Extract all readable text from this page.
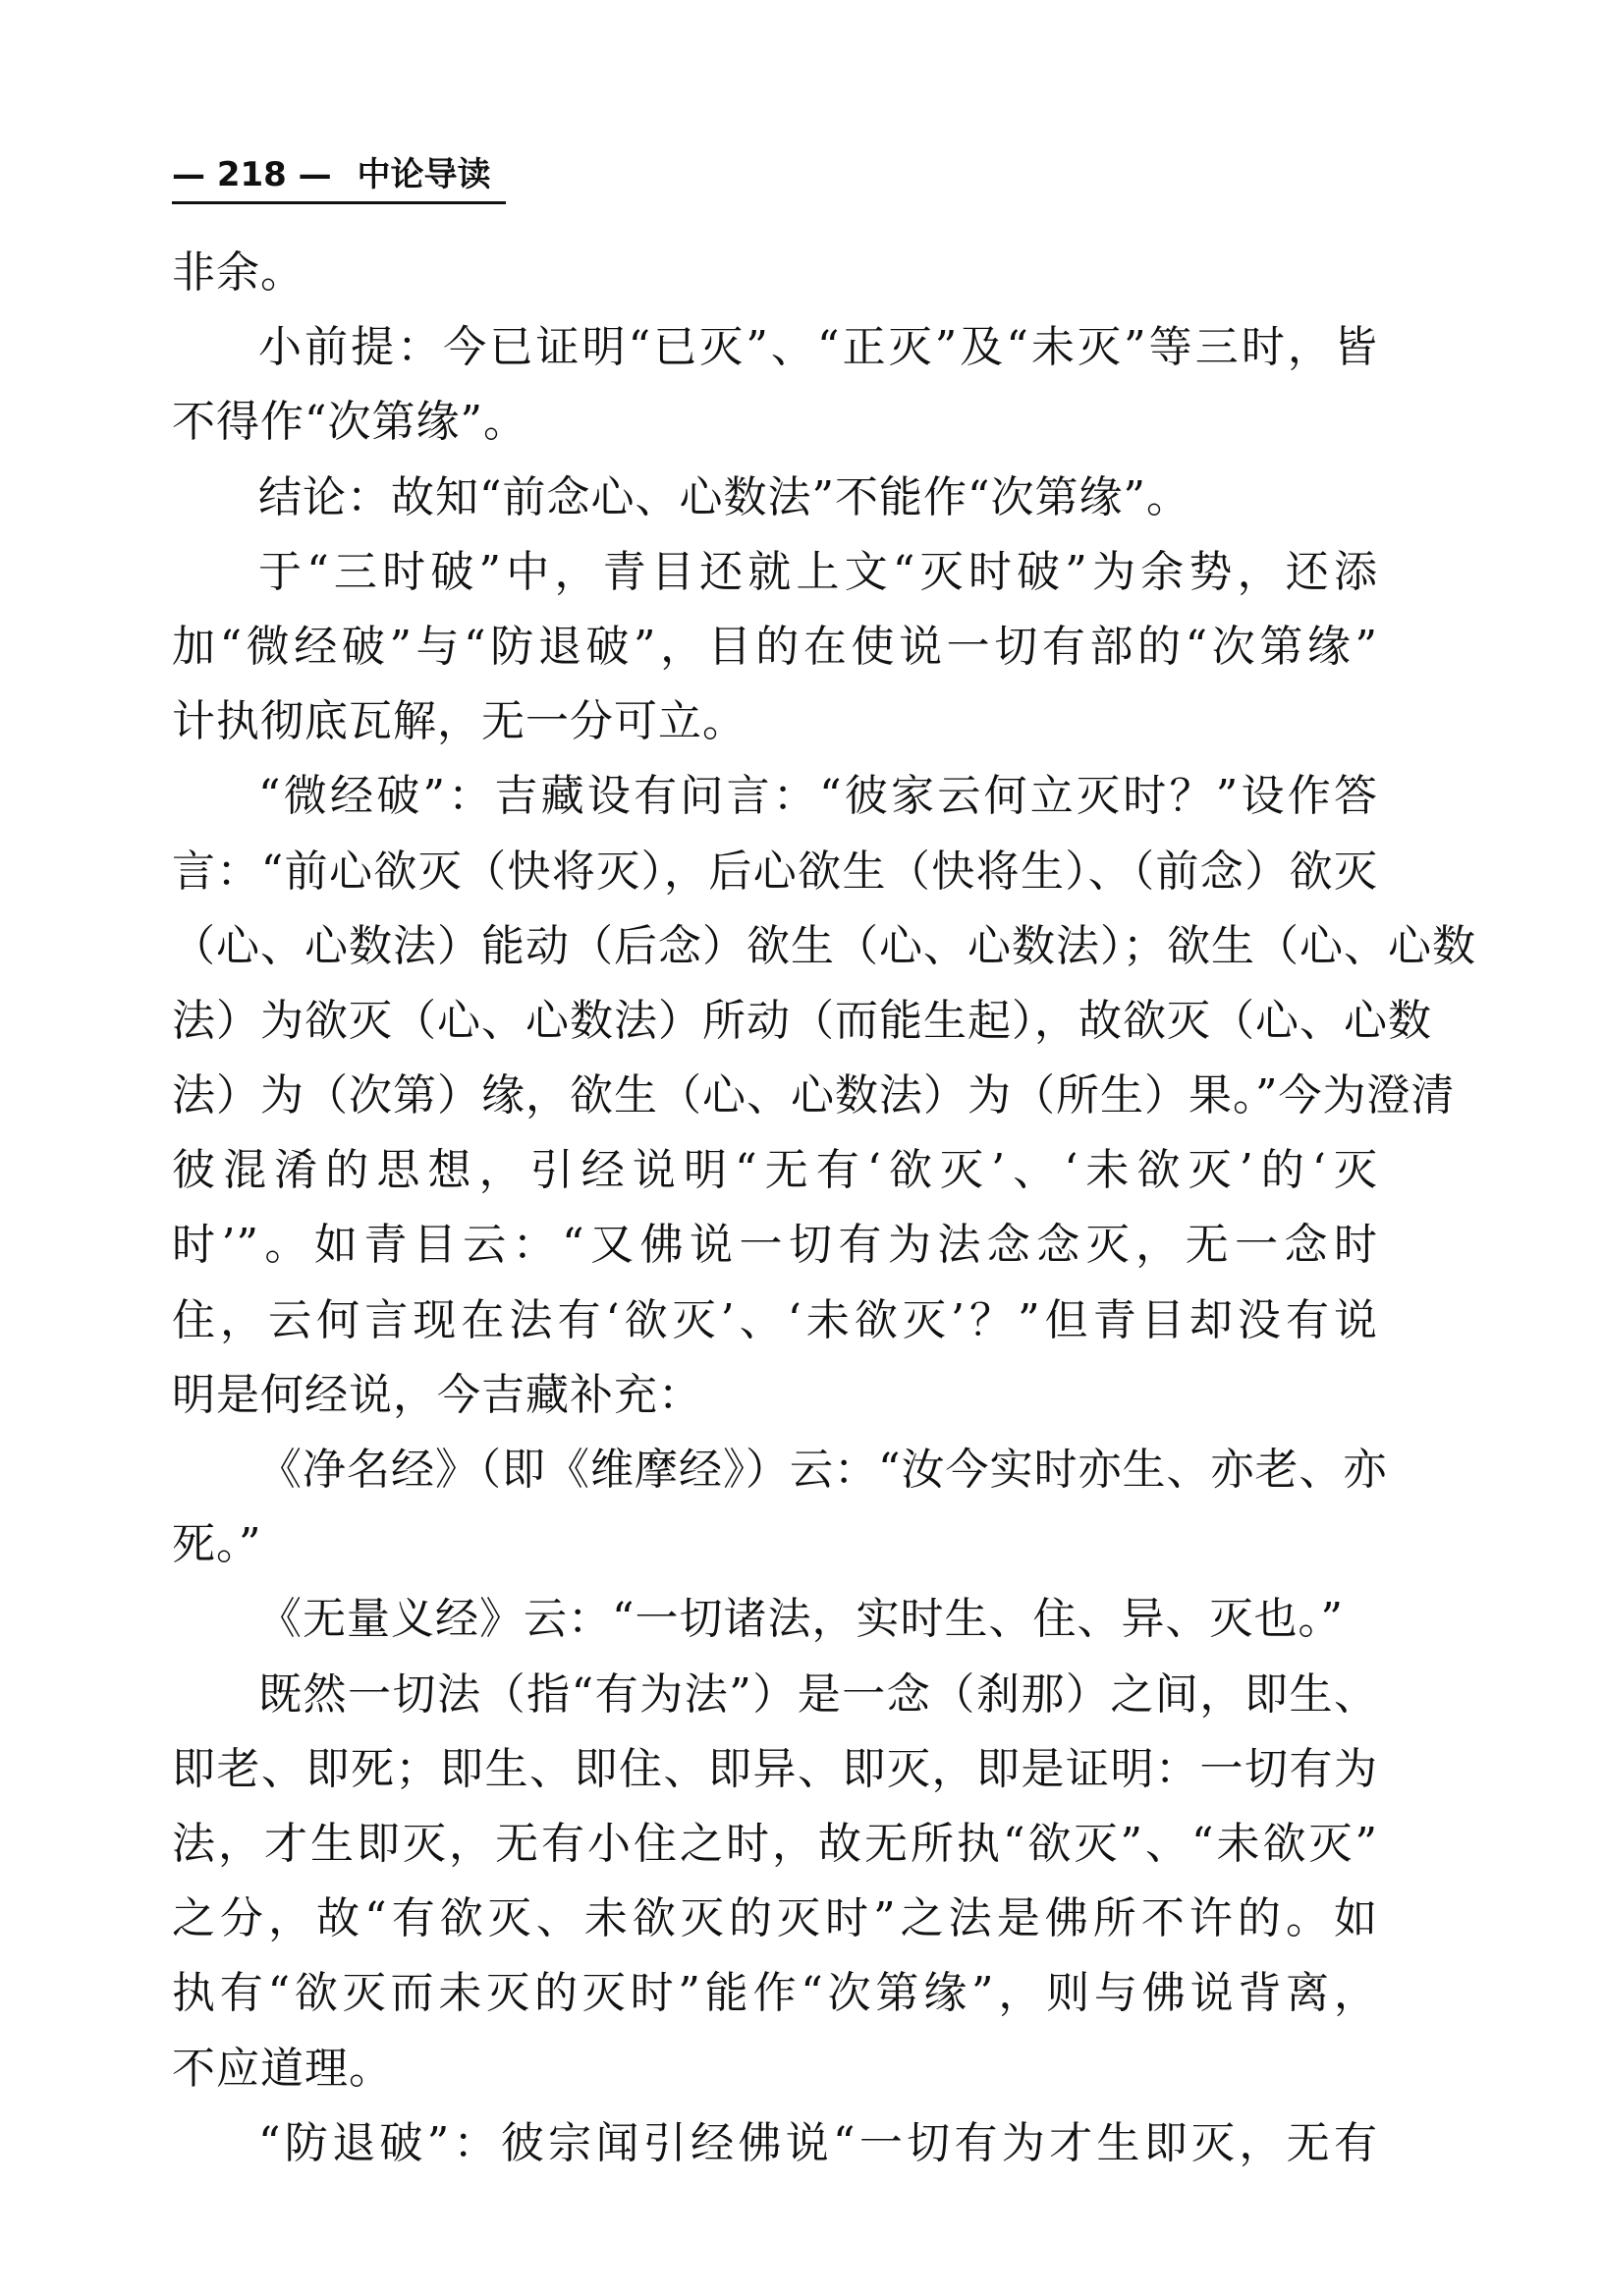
— 218 — 中论导读
非余。
小前提：今已证明“已灭”、“正灭”及“未灭”等三时，皆
不得作“次第缘”。
结论：故知“前念心、心数法”不能作“次第缘”。
于“三时破”中，青目还就上文“灭时破”为余势，还添
加“微经破”与“防退破”，目的在使说一切有部的“次第缘”
计执彻底瓦解，无一分可立。
“微经破”：吉藏设有问言：“彼家云何立灭时？”设作答
言：“前心欲灭（快将灭），后心欲生（快将生）、（前念）欲灭
（心、心数法）能动（后念）欲生（心、心数法）；欲生（心、心数
法）为欲灭（心、心数法）所动（而能生起），故欲灭（心、心数
法）为（次第）缘，欲生（心、心数法）为（所生）果。”今为澄清
彼混淆的思想，引经说明“无有‘欲灭’、‘未欲灭’的‘灭
时’”。如青目云：“又佛说一切有为法念念灭，无一念时
住，云何言现在法有‘欲灭’、‘未欲灭’？”但青目却没有说
明是何经说，今吉藏补充：
《净名经》（即《维摩经》）云：“汝今实时亦生、亦老、亦
死。”
《无量义经》云：“一切诸法，实时生、住、异、灭也。”
既然一切法（指“有为法”）是一念（刹那）之间，即生、
即老、即死；即生、即住、即异、即灭，即是证明：一切有为
法，才生即灭，无有小住之时，故无所执“欲灭”、“未欲灭”
之分，故“有欲灭、未欲灭的灭时”之法是佛所不许的。如
执有“欲灭而未灭的灭时”能作“次第缘”，则与佛说背离，
不应道理。
“防退破”：彼宗闻引经佛说“一切有为才生即灭，无有
